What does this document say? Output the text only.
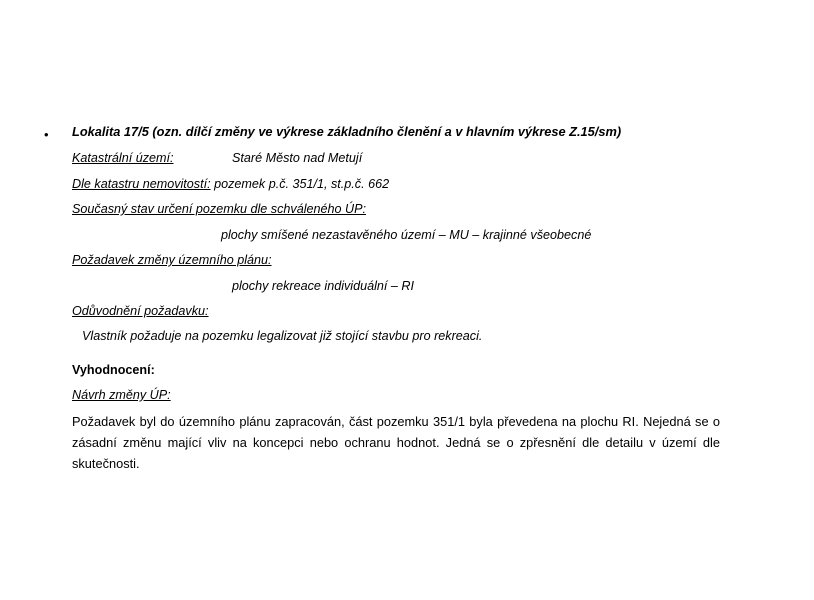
• Lokalita 17/5 (ozn. dílčí změny ve výkrese základního členění a v hlavním výkrese Z.15/sm)
Katastrální území:	Staré Město nad Metují
Dle katastru nemovitostí: pozemek p.č. 351/1, st.p.č. 662
Současný stav určení pozemku dle schváleného ÚP:
plochy smíšené nezastavěného území – MU – krajinné všeobecné
Požadavek změny územního plánu:
plochy rekreace individuální – RI
Odůvodnění požadavku:
Vlastník požaduje na pozemku legalizovat již stojící stavbu pro rekreaci.
Vyhodnocení:
Návrh změny ÚP:
Požadavek byl do územního plánu zapracován, část pozemku 351/1 byla převedena na plochu RI. Nejedná se o zásadní změnu mající vliv na koncepci nebo ochranu hodnot. Jedná se o zpřesnění dle detailu v území dle skutečnosti.
